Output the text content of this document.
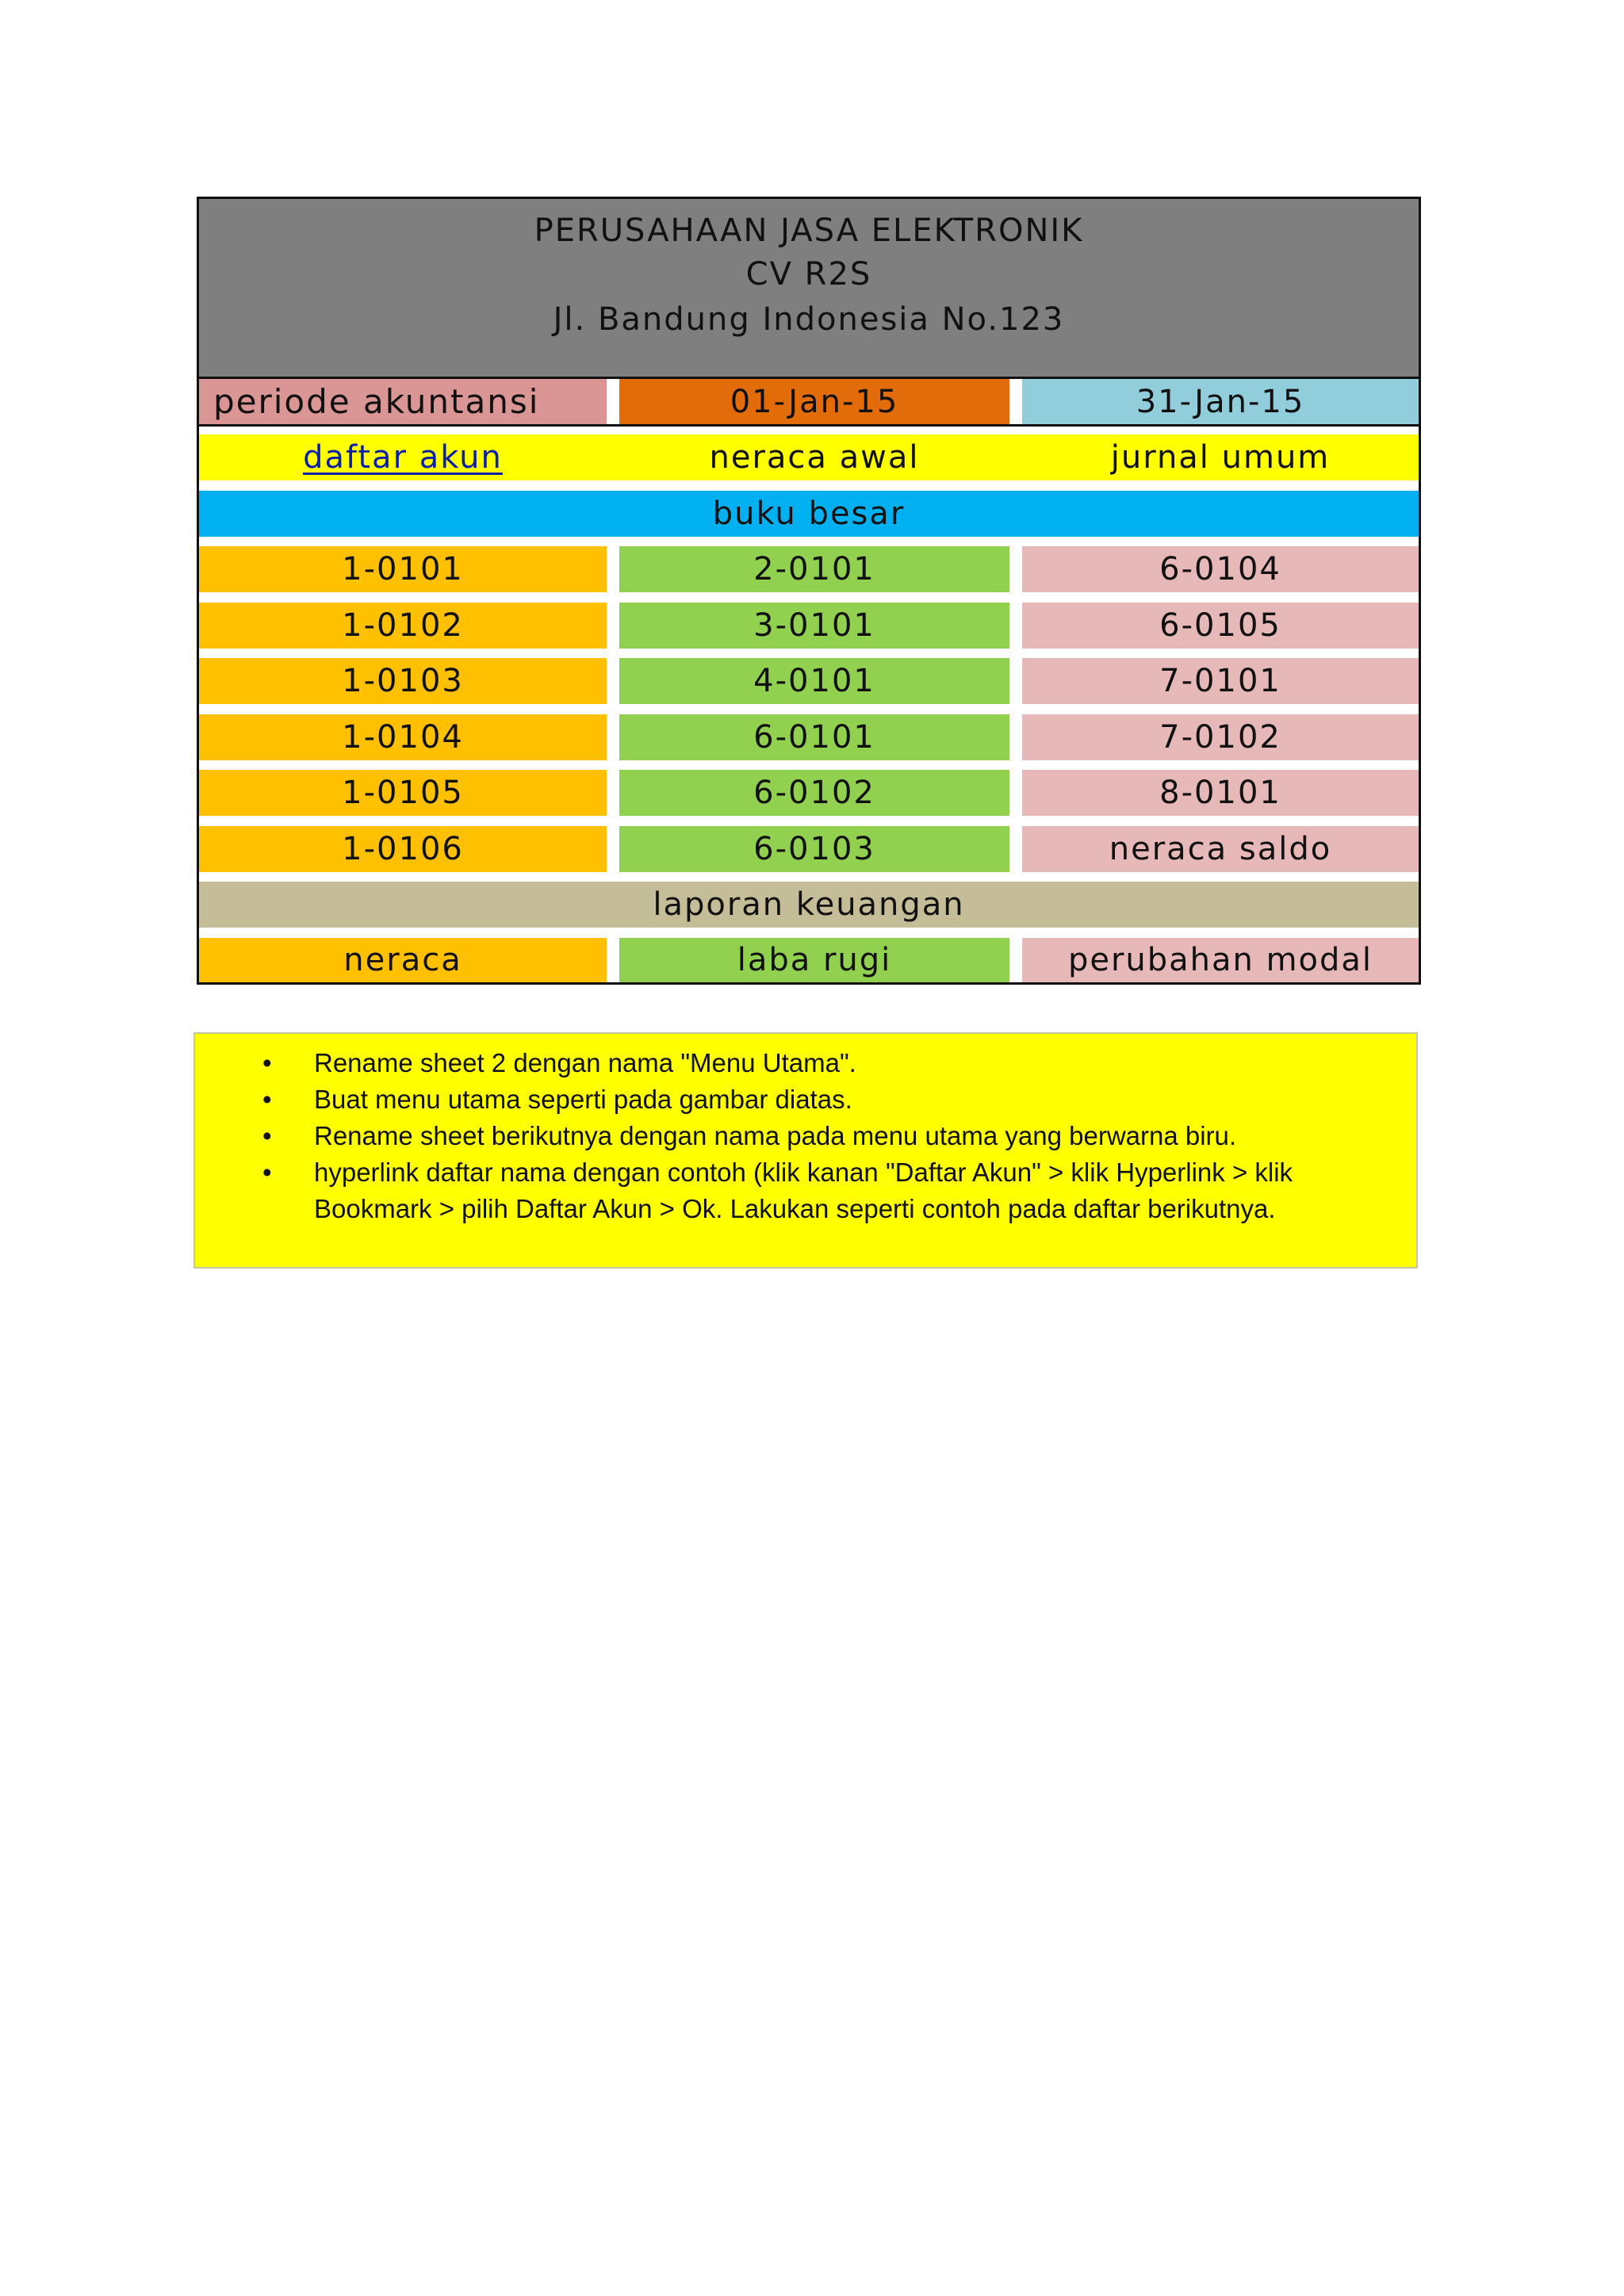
PERUSAHAAN JASA ELEKTRONIK
CV R2S
Jl. Bandung Indonesia No.123
periode akuntansi	01-Jan-15	31-Jan-15
daftar akun	neraca awal	jurnal umum
buku besar
1-0101	2-0101	6-0104
1-0102	3-0101	6-0105
1-0103	4-0101	7-0101
1-0104	6-0101	7-0102
1-0105	6-0102	8-0101
1-0106	6-0103	neraca saldo
laporan keuangan
neraca	laba rugi	perubahan modal
• Rename sheet 2 dengan nama "Menu Utama".
• Buat menu utama seperti pada gambar diatas.
• Rename sheet berikutnya dengan nama pada menu utama yang berwarna biru.
• hyperlink daftar nama dengan contoh (klik kanan "Daftar Akun" > klik Hyperlink > klik Bookmark > pilih Daftar Akun > Ok. Lakukan seperti contoh pada daftar berikutnya.
